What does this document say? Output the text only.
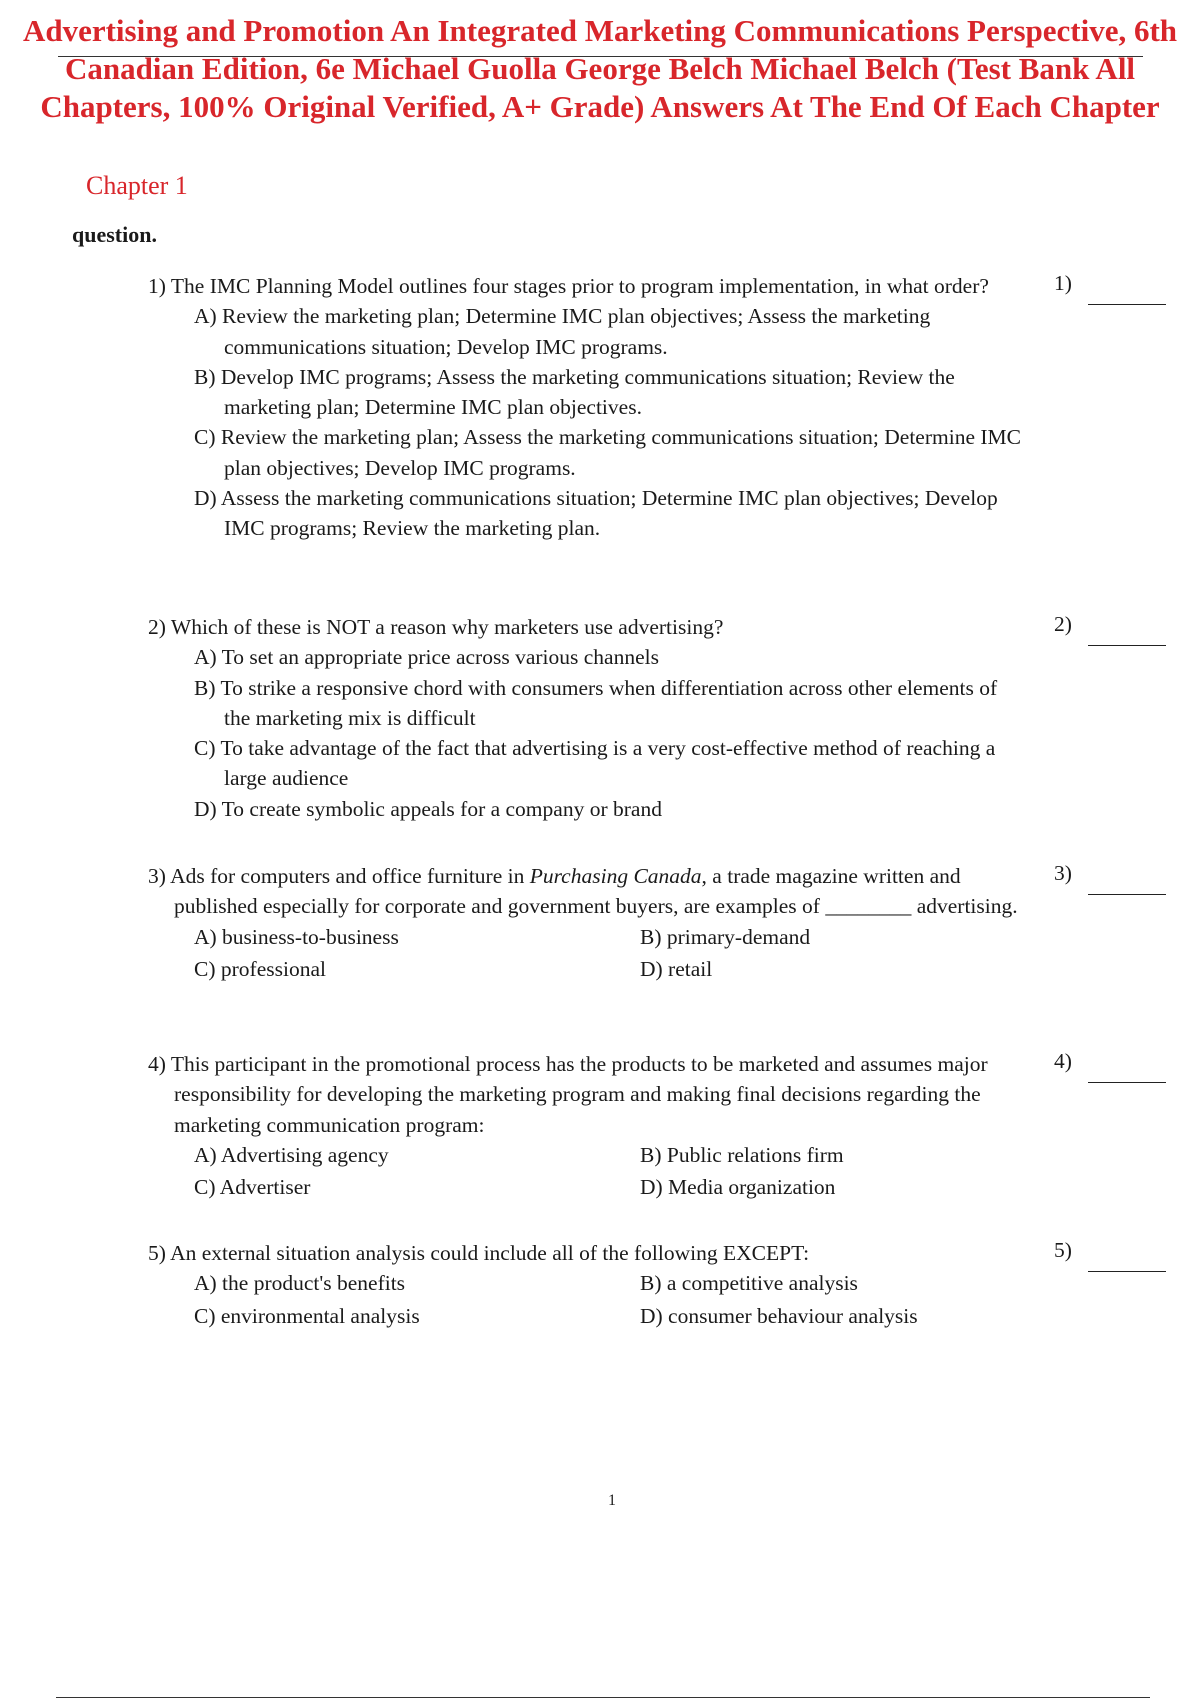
Advertising and Promotion An Integrated Marketing Communications Perspective, 6th Canadian Edition, 6e Michael Guolla George Belch Michael Belch (Test Bank All Chapters, 100% Original Verified, A+ Grade) Answers At The End Of Each Chapter
Chapter 1
question.

1) The IMC Planning Model outlines four stages prior to program implementation, in what order?

A) Review the marketing plan; Determine IMC plan objectives; Assess the marketing communications situation; Develop IMC programs.

B) Develop IMC programs; Assess the marketing communications situation; Review the marketing plan; Determine IMC plan objectives.

C) Review the marketing plan; Assess the marketing communications situation; Determine IMC plan objectives; Develop IMC programs.

D) Assess the marketing communications situation; Determine IMC plan objectives; Develop IMC programs; Review the marketing plan.

1)

2) Which of these is NOT a reason why marketers use advertising?

A) To set an appropriate price across various channels

B) To strike a responsive chord with consumers when differentiation across other elements of the marketing mix is difficult

C) To take advantage of the fact that advertising is a very cost-effective method of reaching a large audience

D) To create symbolic appeals for a company or brand

2)

3) Ads for computers and office furniture in Purchasing Canada, a trade magazine written and published especially for corporate and government buyers, are examples of ________ advertising.

A) business-to-business	B) primary-demand
C) professional	D) retail
3)

4) This participant in the promotional process has the products to be marketed and assumes major responsibility for developing the marketing program and making final decisions regarding the marketing communication program:

A) Advertising agency	B) Public relations firm
C) Advertiser	D) Media organization
4)

5) An external situation analysis could include all of the following EXCEPT:

A) the product's benefits	B) a competitive analysis
C) environmental analysis	D) consumer behaviour analysis
5)
1
